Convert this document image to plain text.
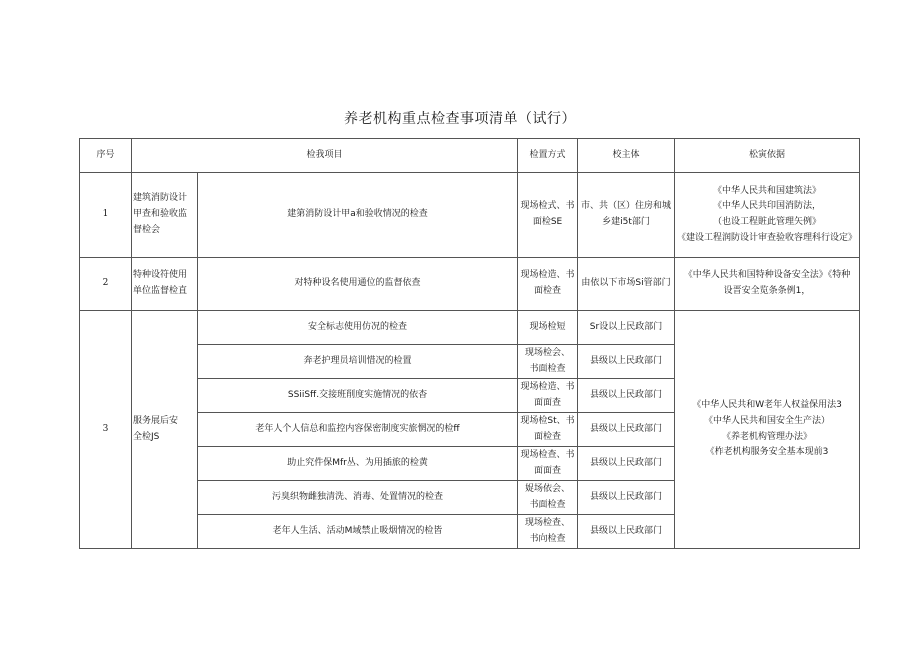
养老机构重点检查事项清单（试行）
序号	检我项目		检置方式	校主体	松寅依据
1	建筑消防设计
甲查和验收监
督检会	建第消防设计甲a和验收情况的检查	现场检式、书
面检SE	市、共（区）住房和城
乡建i5t部门	《中华人民共和国建筑法》
《中华人民共印国消防法，
（也设工程賍此管理矢例》
《建设工程润防设计审查验收容理科行设定》

2	特种设符使用
单位监督检直	对特种设名使用通位的监督依查	现场检造、书
面检查	由依以下市场Si管部门	《中华人民共和国特种设备安全法》《特种
设晋安全览条条例1，

3	服务展后安
全检JS	安全标志使用仿况的检查	现场检短	Sr设以上民政部门	《中华人民共和W老年人权益保用法3
《中华人民共和国安全生产法）
《养老机构管理办法》
《柞老机构服务安全基本现前3

		奔老护理员培训惜况的检置	现场检会、
书面检查	县级以上民政部门	
		SSiiSff.交接班削度实施情况的依杳	现场检造、书
面面查	县级以上民政部门	
		老年人个人信总和监控内容保密制度实旅惘况的检ff	现场检St、书
面检查	县级以上民政部门	
		助止究件保Mfr丛、为用插旅的检黄	现场检查、书
面面查	县级以上民政部门	
		污臭织物雌独清洗、消毒、处置情况的检查	娖场依会、
书面检查	县级以上民政部门	
		老年人生活、活动M域禁止吸烟情况的检皆	现场检查、
书向检查	县级以上民政部门	
